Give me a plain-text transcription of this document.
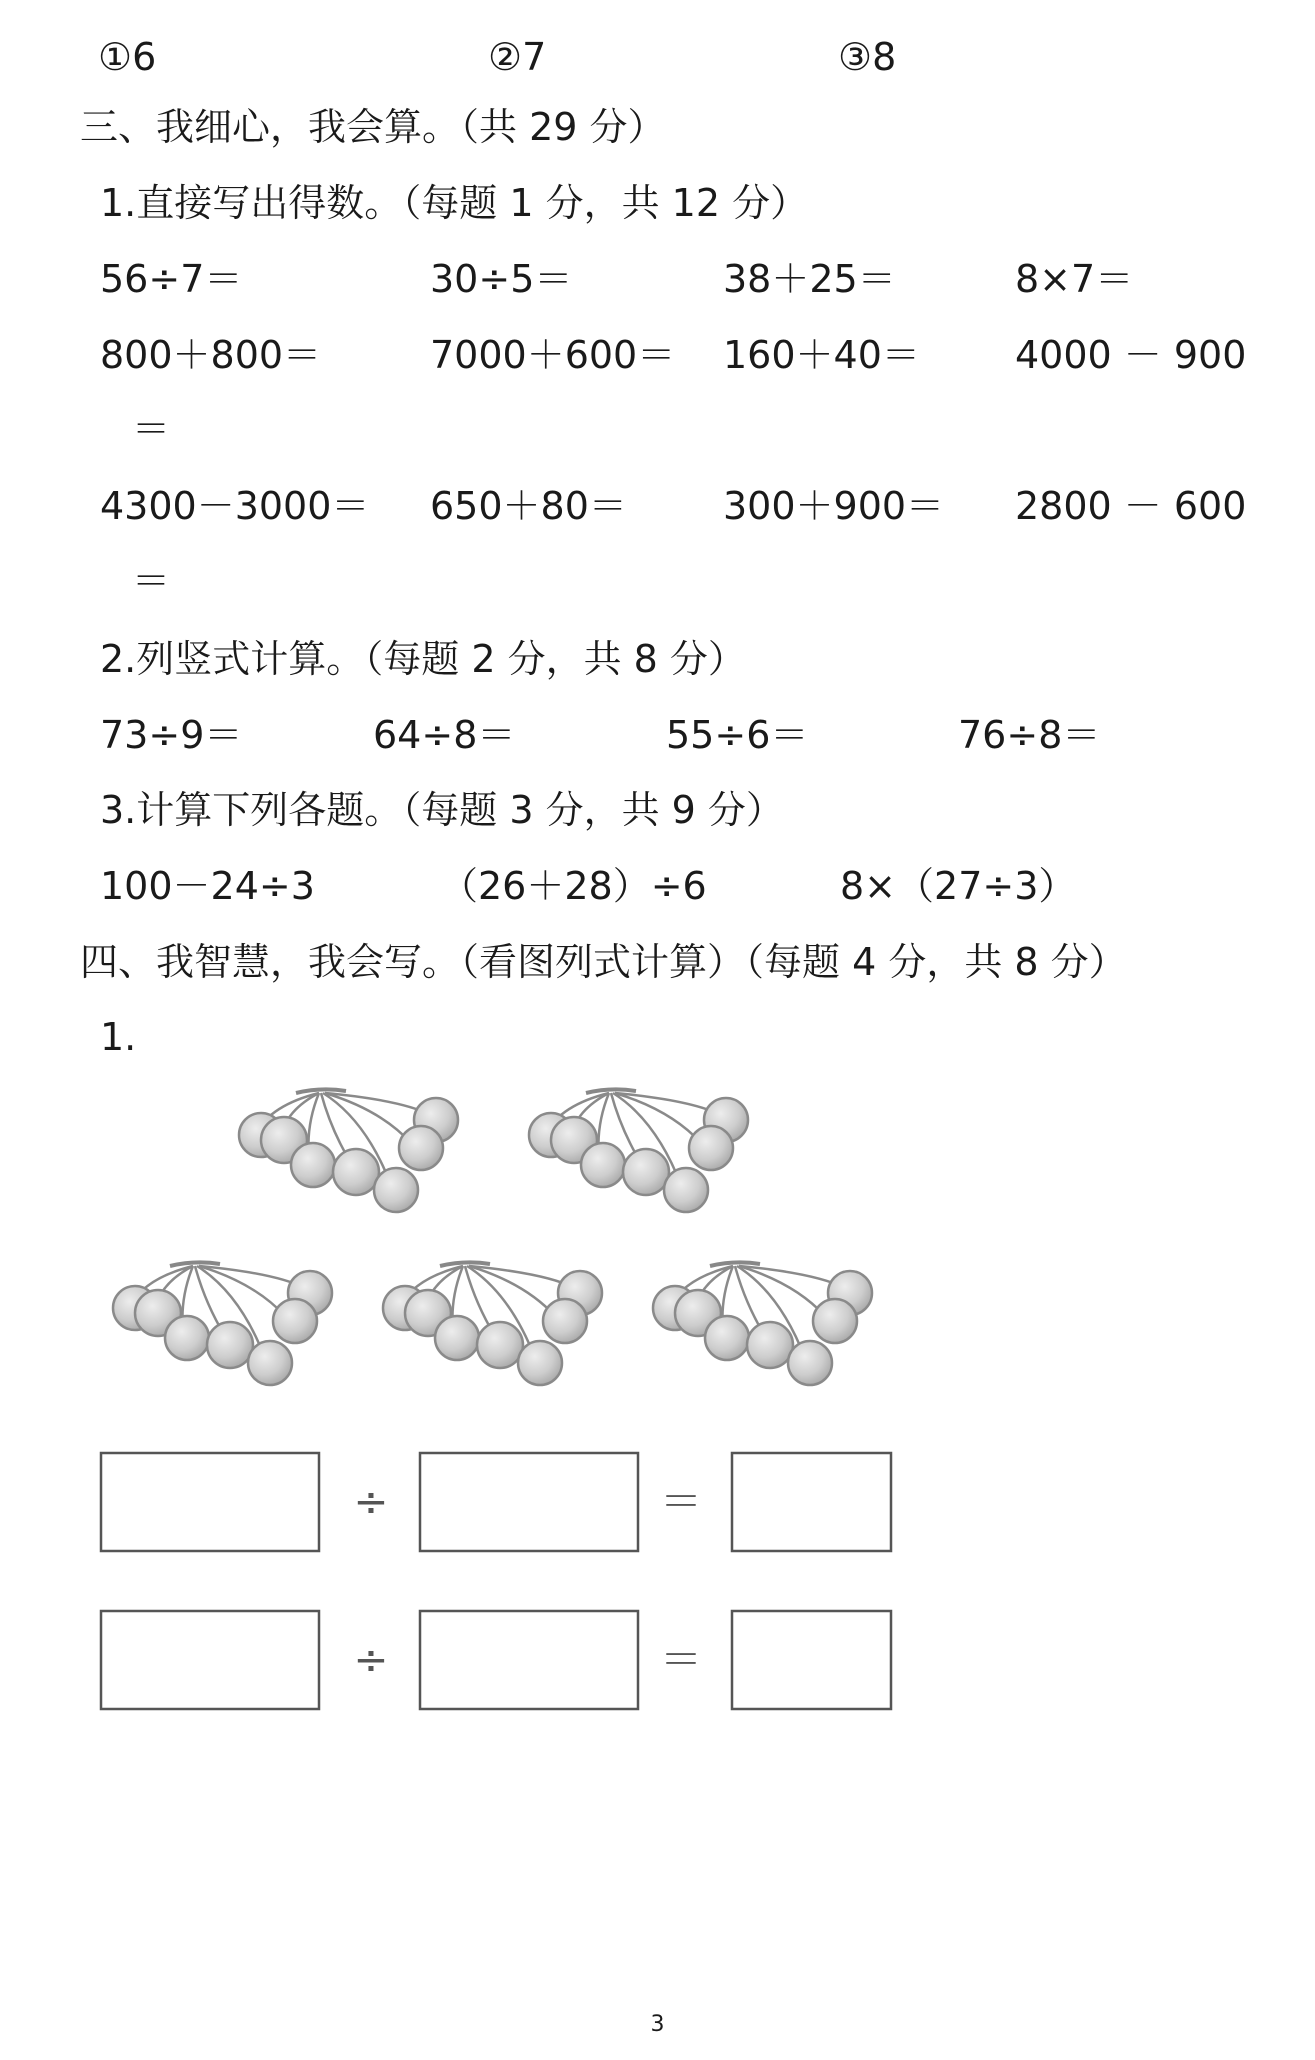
①6	②7	③8
三、我细心，我会算。（共 29 分）
1.直接写出得数。（每题 1 分，共 12 分）
56÷7＝	30÷5＝	38＋25＝	8×7＝
800＋800＝	7000＋600＝ 160＋40＝	4000 － 900
＝
4300－3000＝ 650＋80＝	300＋900＝ 2800 － 600
＝
2.列竖式计算。（每题 2 分，共 8 分）
73÷9＝	64÷8＝	55÷6＝	76÷8＝
3.计算下列各题。（每题 3 分，共 9 分）
100－24÷3	（26＋28）÷6	8×（27÷3）
四、我智慧，我会写。（看图列式计算）（每题 4 分，共 8 分）
1.
÷	＝
÷	＝
3
